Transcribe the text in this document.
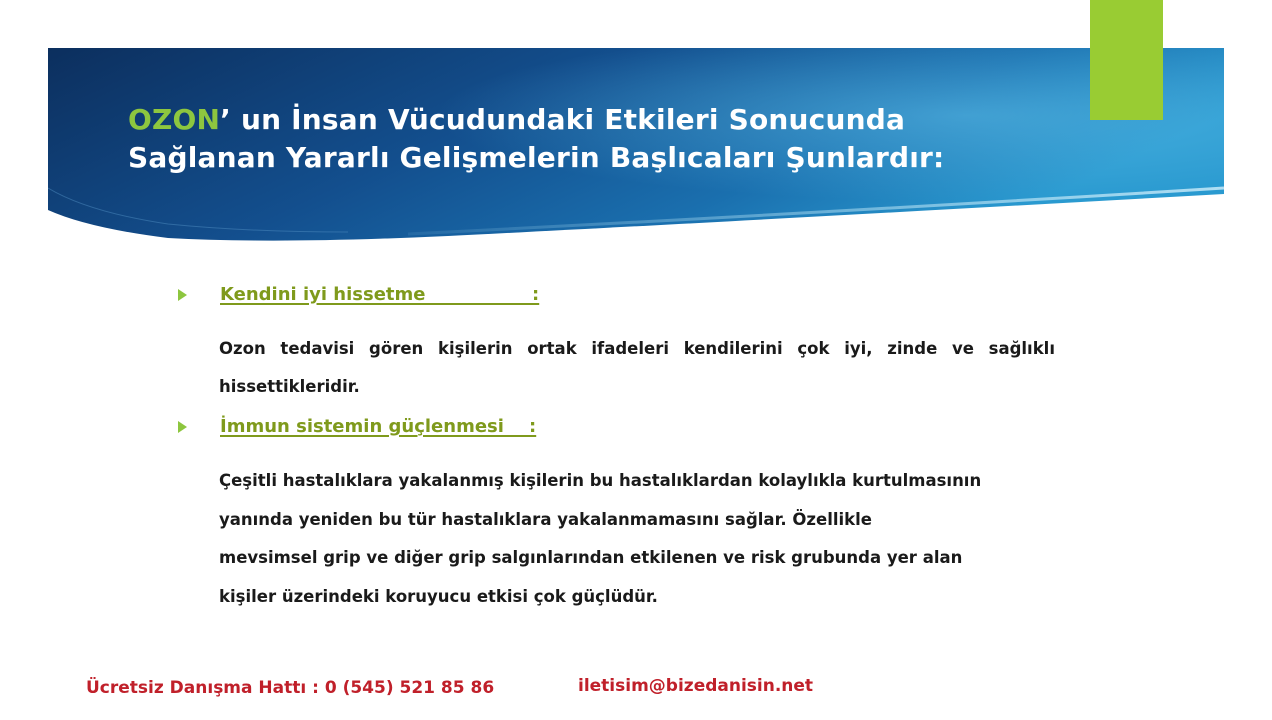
OZON’ un İnsan Vücudundaki Etkileri Sonucunda
Sağlanan Yararlı Gelişmelerin Başlıcaları Şunlardır:
Kendini iyi hissetme                 :
Ozon tedavisi gören kişilerin ortak ifadeleri kendilerini çok iyi, zinde ve sağlıklı
hissettikleridir.
İmmun sistemin güçlenmesi    :
Çeşitli hastalıklara yakalanmış kişilerin bu hastalıklardan kolaylıkla kurtulmasının
yanında yeniden bu tür hastalıklara yakalanmamasını sağlar. Özellikle
mevsimsel grip ve diğer grip salgınlarından etkilenen ve risk grubunda yer alan
kişiler üzerindeki koruyucu etkisi çok güçlüdür.
Ücretsiz Danışma Hattı : 0 (545) 521 85 86	iletisim@bizedanisin.net
